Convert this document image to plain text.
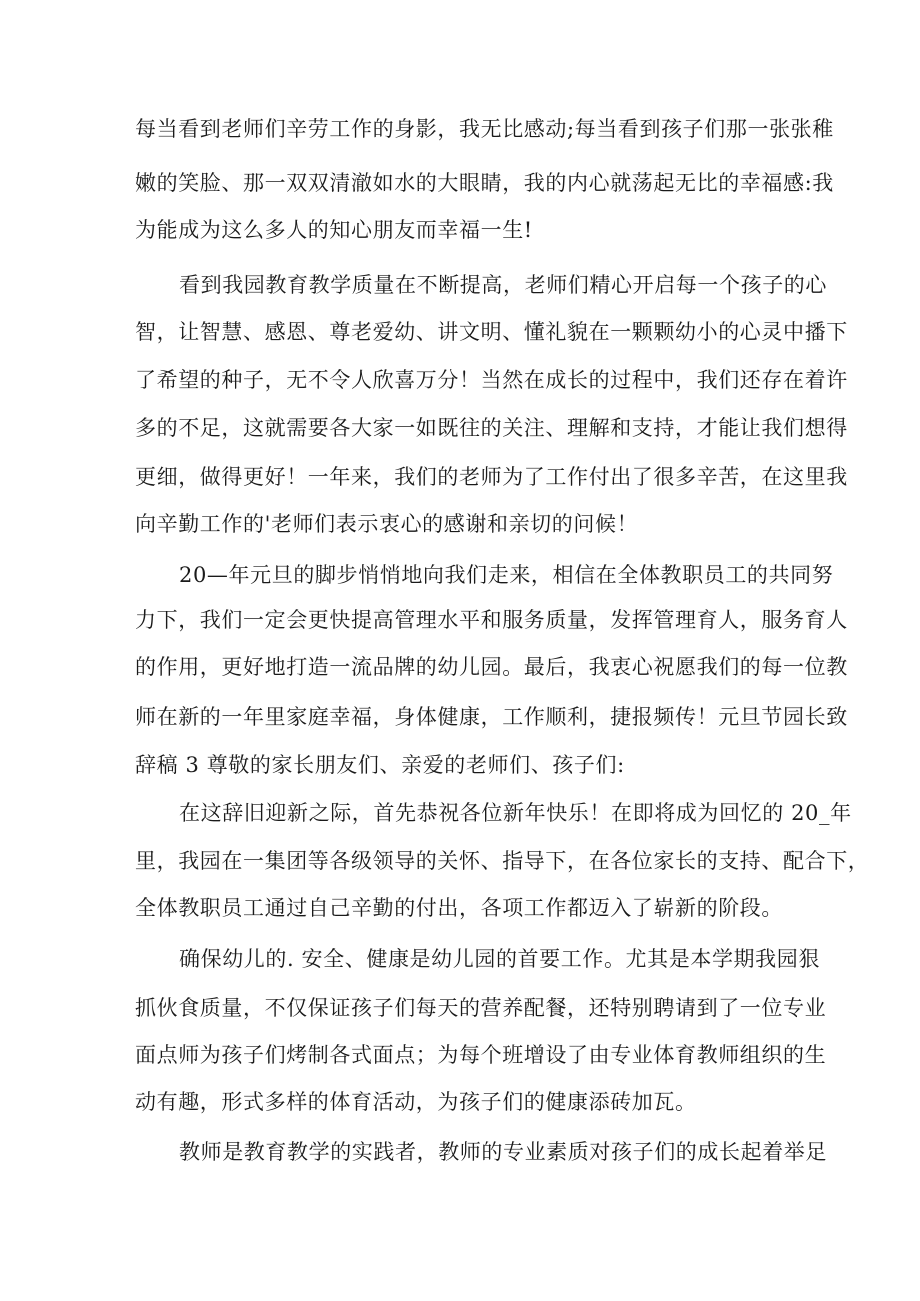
每当看到老师们辛劳工作的身影，我无比感动;每当看到孩子们那一张张稚
嫩的笑脸、那一双双清澈如水的大眼睛，我的内心就荡起无比的幸福感:我
为能成为这么多人的知心朋友而幸福一生!
看到我园教育教学质量在不断提高，老师们精心开启每一个孩子的心
智，让智慧、感恩、尊老爱幼、讲文明、懂礼貌在一颗颗幼小的心灵中播下
了希望的种子，无不令人欣喜万分！当然在成长的过程中，我们还存在着许
多的不足，这就需要各大家一如既往的关注、理解和支持，才能让我们想得
更细，做得更好！一年来，我们的老师为了工作付出了很多辛苦，在这里我
向辛勤工作的'老师们表示衷心的感谢和亲切的问候！
20—年元旦的脚步悄悄地向我们走来，相信在全体教职员工的共同努
力下，我们一定会更快提高管理水平和服务质量，发挥管理育人，服务育人
的作用，更好地打造一流品牌的幼儿园。最后，我衷心祝愿我们的每一位教
师在新的一年里家庭幸福，身体健康，工作顺利，捷报频传！元旦节园长致
辞稿 3 尊敬的家长朋友们、亲爱的老师们、孩子们:
在这辞旧迎新之际，首先恭祝各位新年快乐！在即将成为回忆的 20_年
里，我园在一集团等各级领导的关怀、指导下，在各位家长的支持、配合下，
全体教职员工通过自己辛勤的付出，各项工作都迈入了崭新的阶段。
确保幼儿的. 安全、健康是幼儿园的首要工作。尤其是本学期我园狠
抓伙食质量，不仅保证孩子们每天的营养配餐，还特别聘请到了一位专业
面点师为孩子们烤制各式面点；为每个班增设了由专业体育教师组织的生
动有趣，形式多样的体育活动，为孩子们的健康添砖加瓦。
教师是教育教学的实践者，教师的专业素质对孩子们的成长起着举足
